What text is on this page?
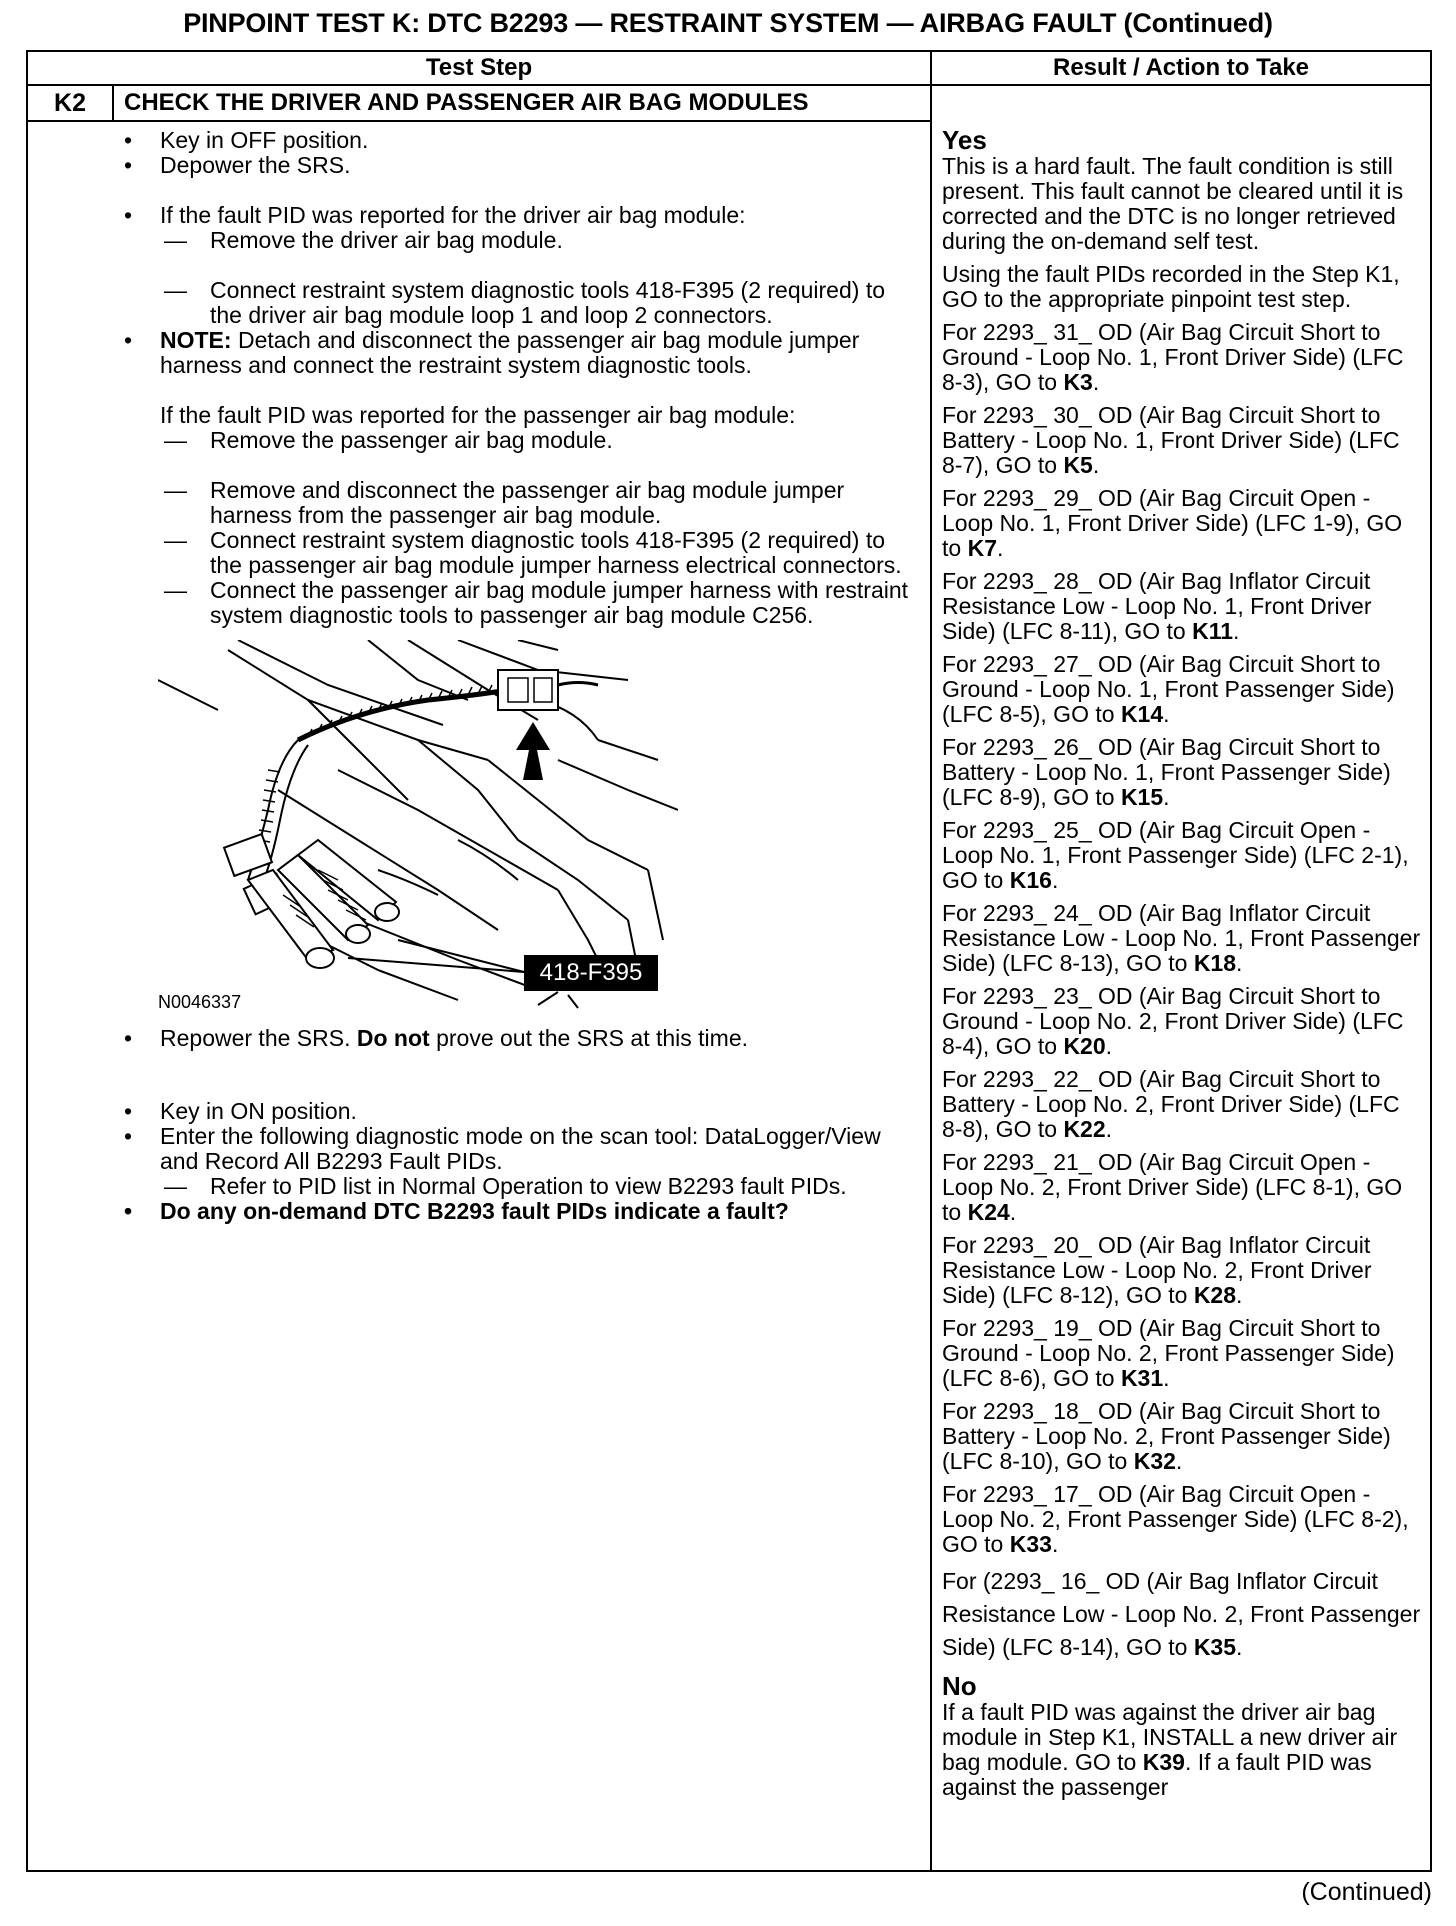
PINPOINT TEST K: DTC B2293 — RESTRAINT SYSTEM — AIRBAG FAULT (Continued)
Test Step	Result / Action to Take
K2	CHECK THE DRIVER AND PASSENGER AIR BAG MODULES
• Key in OFF position.
• Depower the SRS.
• If the fault PID was reported for the driver air bag module:
— Remove the driver air bag module.
— Connect restraint system diagnostic tools 418-F395 (2 required) to the driver air bag module loop 1 and loop 2 connectors.
• NOTE: Detach and disconnect the passenger air bag module jumper harness and connect the restraint system diagnostic tools.
If the fault PID was reported for the passenger air bag module:
— Remove the passenger air bag module.
— Remove and disconnect the passenger air bag module jumper harness from the passenger air bag module.
— Connect restraint system diagnostic tools 418-F395 (2 required) to the passenger air bag module jumper harness electrical connectors.
— Connect the passenger air bag module jumper harness with restraint system diagnostic tools to passenger air bag module C256.
418-F395
N0046337
• Repower the SRS. Do not prove out the SRS at this time.
• Key in ON position.
• Enter the following diagnostic mode on the scan tool: DataLogger/View and Record All B2293 Fault PIDs.
— Refer to PID list in Normal Operation to view B2293 fault PIDs.
• Do any on-demand DTC B2293 fault PIDs indicate a fault?
Yes
This is a hard fault. The fault condition is still present. This fault cannot be cleared until it is corrected and the DTC is no longer retrieved during the on-demand self test.
Using the fault PIDs recorded in the Step K1, GO to the appropriate pinpoint test step.
For 2293_ 31_ OD (Air Bag Circuit Short to Ground - Loop No. 1, Front Driver Side) (LFC 8-3), GO to K3.
For 2293_ 30_ OD (Air Bag Circuit Short to Battery - Loop No. 1, Front Driver Side) (LFC 8-7), GO to K5.
For 2293_ 29_ OD (Air Bag Circuit Open - Loop No. 1, Front Driver Side) (LFC 1-9), GO to K7.
For 2293_ 28_ OD (Air Bag Inflator Circuit Resistance Low - Loop No. 1, Front Driver Side) (LFC 8-11), GO to K11.
For 2293_ 27_ OD (Air Bag Circuit Short to Ground - Loop No. 1, Front Passenger Side) (LFC 8-5), GO to K14.
For 2293_ 26_ OD (Air Bag Circuit Short to Battery - Loop No. 1, Front Passenger Side) (LFC 8-9), GO to K15.
For 2293_ 25_ OD (Air Bag Circuit Open - Loop No. 1, Front Passenger Side) (LFC 2-1), GO to K16.
For 2293_ 24_ OD (Air Bag Inflator Circuit Resistance Low - Loop No. 1, Front Passenger Side) (LFC 8-13), GO to K18.
For 2293_ 23_ OD (Air Bag Circuit Short to Ground - Loop No. 2, Front Driver Side) (LFC 8-4), GO to K20.
For 2293_ 22_ OD (Air Bag Circuit Short to Battery - Loop No. 2, Front Driver Side) (LFC 8-8), GO to K22.
For 2293_ 21_ OD (Air Bag Circuit Open - Loop No. 2, Front Driver Side) (LFC 8-1), GO to K24.
For 2293_ 20_ OD (Air Bag Inflator Circuit Resistance Low - Loop No. 2, Front Driver Side) (LFC 8-12), GO to K28.
For 2293_ 19_ OD (Air Bag Circuit Short to Ground - Loop No. 2, Front Passenger Side) (LFC 8-6), GO to K31.
For 2293_ 18_ OD (Air Bag Circuit Short to Battery - Loop No. 2, Front Passenger Side) (LFC 8-10), GO to K32.
For 2293_ 17_ OD (Air Bag Circuit Open - Loop No. 2, Front Passenger Side) (LFC 8-2), GO to K33.
For (2293_ 16_ OD (Air Bag Inflator Circuit Resistance Low - Loop No. 2, Front Passenger Side) (LFC 8-14), GO to K35.
No
If a fault PID was against the driver air bag module in Step K1, INSTALL a new driver air bag module. GO to K39. If a fault PID was against the passenger
(Continued)
